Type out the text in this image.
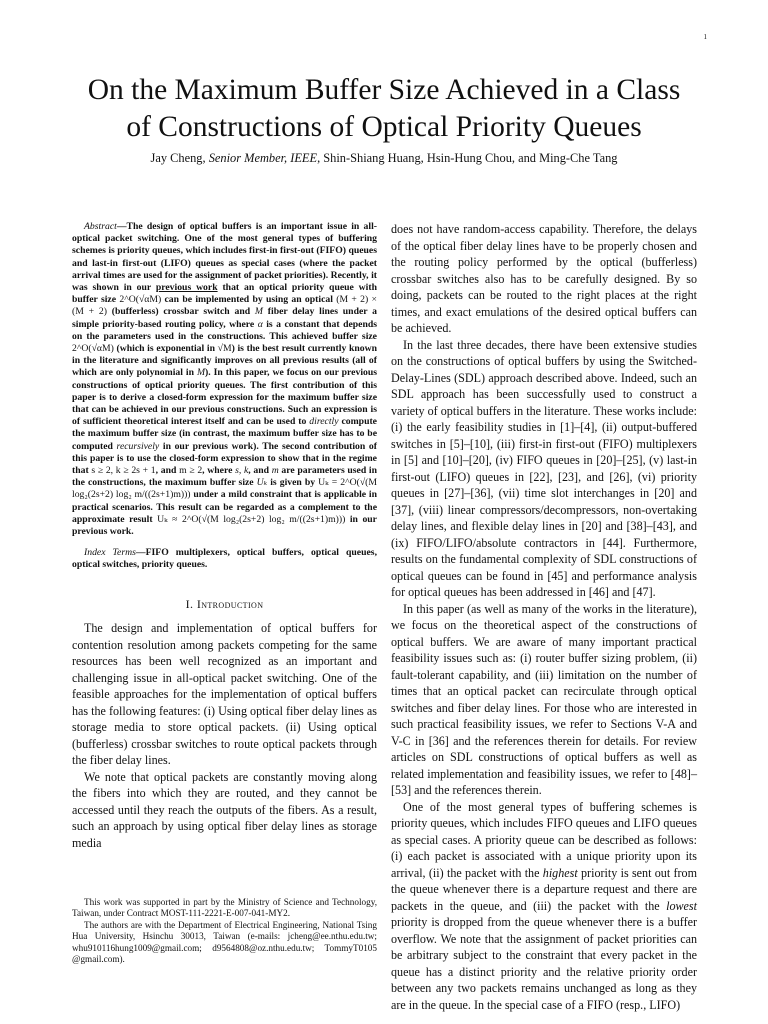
1
On the Maximum Buffer Size Achieved in a Class
of Constructions of Optical Priority Queues
Jay Cheng, Senior Member, IEEE, Shin-Shiang Huang, Hsin-Hung Chou, and Ming-Che Tang

Abstract—The design of optical buffers is an important issue in all-optical packet switching. One of the most general types of buffering schemes is priority queues, which includes first-in first-out (FIFO) queues and last-in first-out (LIFO) queues as special cases (where the packet arrival times are used for the assignment of packet priorities). Recently, it was shown in our previous work that an optical priority queue with buffer size 2^O(√αM) can be implemented by using an optical (M + 2) × (M + 2) (bufferless) crossbar switch and M fiber delay lines under a simple priority-based routing policy, where α is a constant that depends on the parameters used in the constructions. This achieved buffer size 2^O(√αM) (which is exponential in √M) is the best result currently known in the literature and significantly improves on all previous results (all of which are only polynomial in M). In this paper, we focus on our previous constructions of optical priority queues. The first contribution of this paper is to derive a closed-form expression for the maximum buffer size that can be achieved in our previous constructions. Such an expression is of sufficient theoretical interest itself and can be used to directly compute the maximum buffer size (in contrast, the maximum buffer size has to be computed recursively in our previous work). The second contribution of this paper is to use the closed-form expression to show that in the regime that s ≥ 2, k ≥ 2s + 1, and m ≥ 2, where s, k, and m are parameters used in the constructions, the maximum buffer size Uₖ is given by Uₖ = 2^O(√(M log₂(2s+2) log₂ m/((2s+1)m))) under a mild constraint that is applicable in practical scenarios. This result can be regarded as a complement to the approximate result Uₖ ≈ 2^O(√(M log₂(2s+2) log₂ m/((2s+1)m))) in our previous work.

Index Terms—FIFO multiplexers, optical buffers, optical queues, optical switches, priority queues.

I. Introduction

The design and implementation of optical buffers for contention resolution among packets competing for the same resources has been well recognized as an important and challenging issue in all-optical packet switching. One of the feasible approaches for the implementation of optical buffers has the following features: (i) Using optical fiber delay lines as storage media to store optical packets. (ii) Using optical (bufferless) crossbar switches to route optical packets through the fiber delay lines.

We note that optical packets are constantly moving along the fibers into which they are routed, and they cannot be accessed until they reach the outputs of the fibers. As a result, such an approach by using optical fiber delay lines as storage media

This work was supported in part by the Ministry of Science and Technology, Taiwan, under Contract MOST-111-2221-E-007-041-MY2.

The authors are with the Department of Electrical Engineering, National Tsing Hua University, Hsinchu 30013, Taiwan (e-mails: jcheng@ee.nthu.edu.tw; whu910116hung1009@gmail.com; d9564808@oz.nthu.edu.tw; TommyT0105 @gmail.com).

does not have random-access capability. Therefore, the delays of the optical fiber delay lines have to be properly chosen and the routing policy performed by the optical (bufferless) crossbar switches also has to be carefully designed. By so doing, packets can be routed to the right places at the right times, and exact emulations of the desired optical buffers can be achieved.

In the last three decades, there have been extensive studies on the constructions of optical buffers by using the Switched-Delay-Lines (SDL) approach described above. Indeed, such an SDL approach has been successfully used to construct a variety of optical buffers in the literature. These works include: (i) the early feasibility studies in [1]–[4], (ii) output-buffered switches in [5]–[10], (iii) first-in first-out (FIFO) multiplexers in [5] and [10]–[20], (iv) FIFO queues in [20]–[25], (v) last-in first-out (LIFO) queues in [22], [23], and [26], (vi) priority queues in [27]–[36], (vii) time slot interchanges in [20] and [37], (viii) linear compressors/decompressors, non-overtaking delay lines, and flexible delay lines in [20] and [38]–[43], and (ix) FIFO/LIFO/absolute contractors in [44]. Furthermore, results on the fundamental complexity of SDL constructions of optical queues can be found in [45] and performance analysis for optical queues has been addressed in [46] and [47].

In this paper (as well as many of the works in the literature), we focus on the theoretical aspect of the constructions of optical buffers. We are aware of many important practical feasibility issues such as: (i) router buffer sizing problem, (ii) fault-tolerant capability, and (iii) limitation on the number of times that an optical packet can recirculate through optical switches and fiber delay lines. For those who are interested in such practical feasibility issues, we refer to Sections V-A and V-C in [36] and the references therein for details. For review articles on SDL constructions of optical buffers as well as related implementation and feasibility issues, we refer to [48]–[53] and the references therein.

One of the most general types of buffering schemes is priority queues, which includes FIFO queues and LIFO queues as special cases. A priority queue can be described as follows: (i) each packet is associated with a unique priority upon its arrival, (ii) the packet with the highest priority is sent out from the queue whenever there is a departure request and there are packets in the queue, and (iii) the packet with the lowest priority is dropped from the queue whenever there is a buffer overflow. We note that the assignment of packet priorities can be arbitrary subject to the constraint that every packet in the queue has a distinct priority and the relative priority order between any two packets remains unchanged as long as they are in the queue. In the special case of a FIFO (resp., LIFO)
